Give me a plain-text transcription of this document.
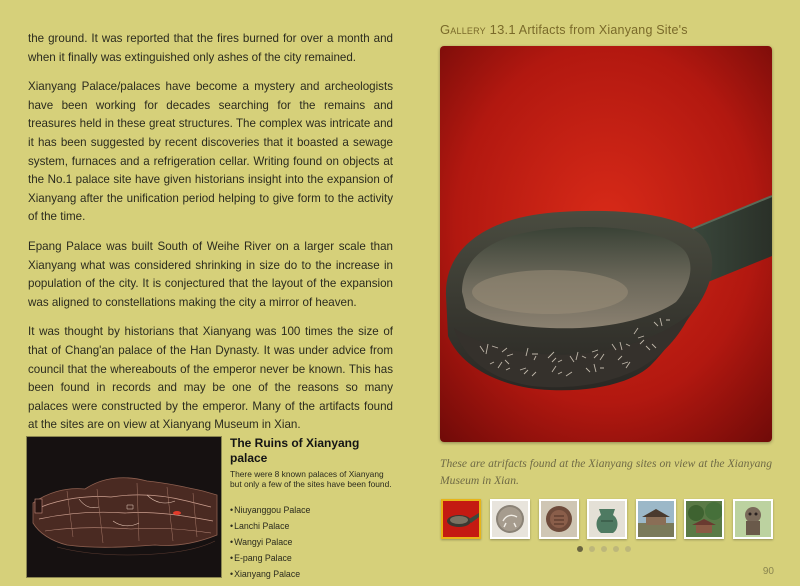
the ground. It was reported that the fires burned for over a month and when it finally was extinguished only ashes of the city remained.

Xianyang Palace/palaces have become a mystery and archeologists have been working for decades searching for the remains and treasures held in these great structures. The complex was intricate and it has been suggested by recent discoveries that it boasted a sewage system, furnaces and a refrigeration cellar. Writing found on objects at the No.1 palace site have given historians insight into the expansion of Xianyang after the unification period helping to give form to the activity of the time.

Epang Palace was built South of Weihe River on a larger scale than Xianyang what was considered shrinking in size do to the increase in population of the city. It is conjectured that the layout of the expansion was aligned to constellations making the city a mirror of heaven.

It was thought by historians that Xianyang was 100 times the size of that of Chang'an palace of the Han Dynasty. It was under advice from council that the whereabouts of the emperor never be known. This has been found in records and may be one of the reasons so many palaces were constructed by the emperor. Many of the artifacts found at the sites are on view at Xianyang Museum in Xian.

The Ruins of Xianyang palace
There were 8 known palaces of Xianyang but only a few of the sites have been found.
• Niuyanggou Palace
• Lanchi Palace
• Wangyi Palace
• E-pang Palace
• Xianyang Palace
Gallery 13.1 Artifacts from Xianyang Site's
These are atrifacts found at the Xianyang sites on view at the Xianyang Museum in Xian.
90
